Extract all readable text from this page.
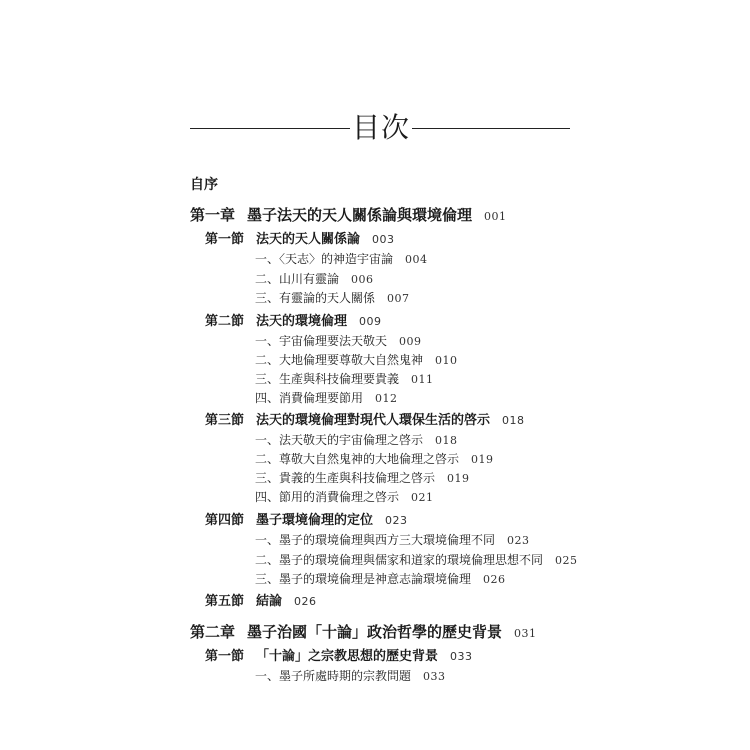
目次
自序
第一章 墨子法天的天人關係論與環境倫理 001
第一節 法天的天人關係論 003
一、〈天志〉的神造宇宙論 004
二、山川有靈論 006
三、有靈論的天人關係 007
第二節 法天的環境倫理 009
一、宇宙倫理要法天敬天 009
二、大地倫理要尊敬大自然鬼神 010
三、生產與科技倫理要貴義 011
四、消費倫理要節用 012
第三節 法天的環境倫理對現代人環保生活的啓示 018
一、法天敬天的宇宙倫理之啓示 018
二、尊敬大自然鬼神的大地倫理之啓示 019
三、貴義的生產與科技倫理之啓示 019
四、節用的消費倫理之啓示 021
第四節 墨子環境倫理的定位 023
一、墨子的環境倫理與西方三大環境倫理不同 023
二、墨子的環境倫理與儒家和道家的環境倫理思想不同 025
三、墨子的環境倫理是神意志論環境倫理 026
第五節 結論 026
第二章 墨子治國「十論」政治哲學的歷史背景 031
第一節 「十論」之宗教思想的歷史背景 033
一、墨子所處時期的宗教問題 033
